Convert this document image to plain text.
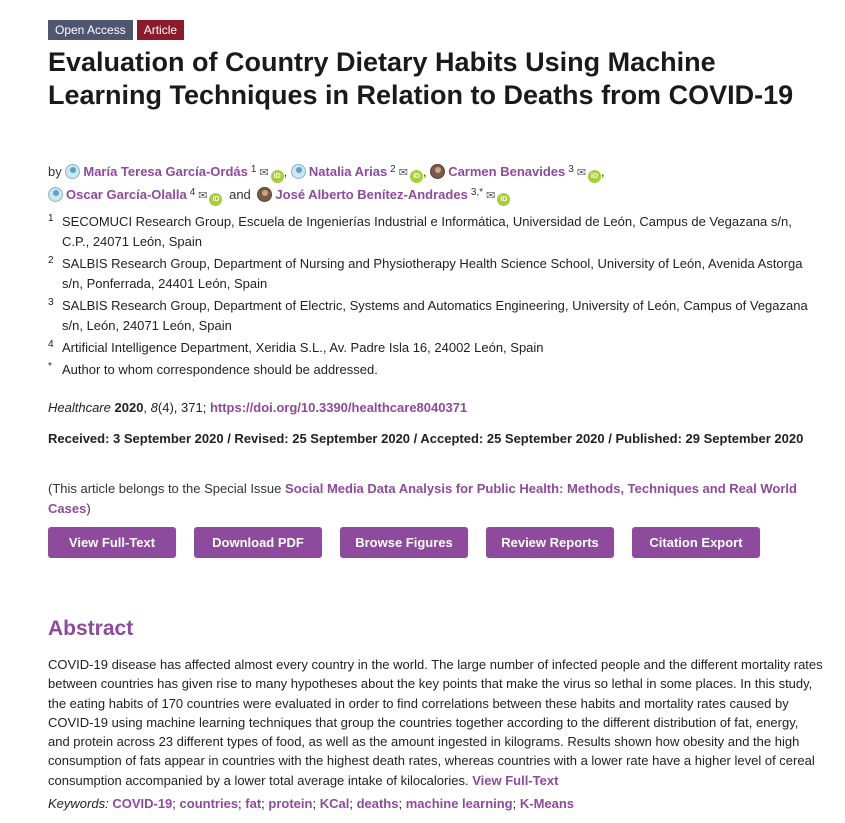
Open Access	Article
Evaluation of Country Dietary Habits Using Machine Learning Techniques in Relation to Deaths from COVID-19
by María Teresa García-Ordás $^1$ ✉ iD , Natalia Arias $^2$ ✉ iD , Carmen Benavides $^3$ ✉ iD ,
Oscar García-Olalla $^4$ ✉ iD and José Alberto Benítez-Andrades $^{3,*}$ ✉ iD
1 SECOMUCI Research Group, Escuela de Ingenierías Industrial e Informática, Universidad de León, Campus de Vegazana s/n, C.P., 24071 León, Spain
2 SALBIS Research Group, Department of Nursing and Physiotherapy Health Science School, University of León, Avenida Astorga s/n, Ponferrada, 24401 León, Spain
3 SALBIS Research Group, Department of Electric, Systems and Automatics Engineering, University of León, Campus of Vegazana s/n, León, 24071 León, Spain
4 Artificial Intelligence Department, Xeridia S.L., Av. Padre Isla 16, 24002 León, Spain
* Author to whom correspondence should be addressed.
Healthcare 2020, 8(4), 371; https://doi.org/10.3390/healthcare8040371
Received: 3 September 2020 / Revised: 25 September 2020 / Accepted: 25 September 2020 / Published: 29 September 2020
(This article belongs to the Special Issue Social Media Data Analysis for Public Health: Methods, Techniques and Real World Cases)
View Full-Text	Download PDF	Browse Figures	Review Reports	Citation Export
Abstract

COVID-19 disease has affected almost every country in the world. The large number of infected people and the different mortality rates between countries has given rise to many hypotheses about the key points that make the virus so lethal in some places. In this study, the eating habits of 170 countries were evaluated in order to find correlations between these habits and mortality rates caused by COVID-19 using machine learning techniques that group the countries together according to the different distribution of fat, energy, and protein across 23 different types of food, as well as the amount ingested in kilograms. Results shown how obesity and the high consumption of fats appear in countries with the highest death rates, whereas countries with a lower rate have a higher level of cereal consumption accompanied by a lower total average intake of kilocalories. View Full-Text

Keywords: COVID-19; countries; fat; protein; KCal; deaths; machine learning; K-Means
